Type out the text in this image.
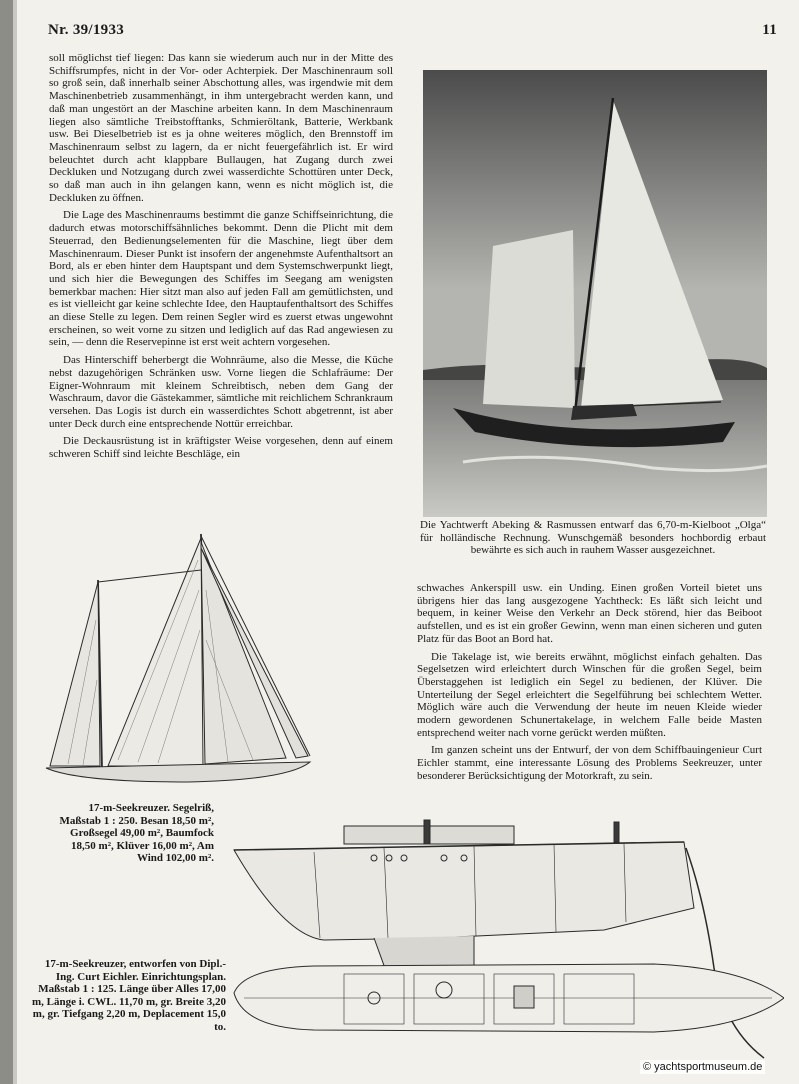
Nr. 39/1933	11

soll möglichst tief liegen: Das kann sie wiederum auch nur in der Mitte des Schiffsrumpfes, nicht in der Vor- oder Achterpiek. Der Maschinenraum soll so groß sein, daß innerhalb seiner Abschottung alles, was irgendwie mit dem Maschinenbetrieb zusammenhängt, in ihm untergebracht werden kann, und daß man ungestört an der Maschine arbeiten kann. In dem Maschinenraum liegen also sämtliche Treibstofftanks, Schmieröltank, Batterie, Werkbank usw. Bei Dieselbetrieb ist es ja ohne weiteres möglich, den Brennstoff im Maschinenraum selbst zu lagern, da er nicht feuergefährlich ist. Er wird beleuchtet durch acht klappbare Bullaugen, hat Zugang durch zwei Deckluken und Notzugang durch zwei wasserdichte Schottüren unter Deck, so daß man auch in ihn gelangen kann, wenn es nicht möglich ist, die Deckluken zu öffnen.

Die Lage des Maschinenraums bestimmt die ganze Schiffseinrichtung, die dadurch etwas motorschiffsähnliches bekommt. Denn die Plicht mit dem Steuerrad, den Bedienungselementen für die Maschine, liegt über dem Maschinenraum. Dieser Punkt ist insofern der angenehmste Aufenthaltsort an Bord, als er eben hinter dem Hauptspant und dem Systemschwerpunkt liegt, und sich hier die Bewegungen des Schiffes im Seegang am wenigsten bemerkbar machen: Hier sitzt man also auf jeden Fall am gemütlichsten, und es ist vielleicht gar keine schlechte Idee, den Hauptaufenthaltsort des Schiffes an diese Stelle zu legen. Dem reinen Segler wird es zuerst etwas ungewohnt erscheinen, so weit vorne zu sitzen und lediglich auf das Rad angewiesen zu sein, — denn die Reservepinne ist erst weit achtern vorgesehen.

Das Hinterschiff beherbergt die Wohnräume, also die Messe, die Küche nebst dazugehörigen Schränken usw. Vorne liegen die Schlafräume: Der Eigner-Wohnraum mit kleinem Schreibtisch, neben dem Gang der Waschraum, davor die Gästekammer, sämtliche mit reichlichem Schrankraum versehen. Das Logis ist durch ein wasserdichtes Schott abgetrennt, ist aber unter Deck durch eine entsprechende Nottür erreichbar.

Die Deckausrüstung ist in kräftigster Weise vorgesehen, denn auf einem schweren Schiff sind leichte Beschläge, ein

Die Yachtwerft Abeking & Rasmussen entwarf das 6,70-m-Kielboot „Olga“ für holländische Rechnung. Wunschgemäß besonders hochbordig erbaut bewährte es sich auch in rauhem Wasser ausgezeichnet.
17-m-Seekreuzer. Segelriß, Maßstab 1 : 250. Besan 18,50 m², Großsegel 49,00 m², Baumfock 18,50 m², Klüver 16,00 m², Am Wind 102,00 m².

schwaches Ankerspill usw. ein Unding. Einen großen Vorteil bietet uns übrigens hier das lang ausgezogene Yachtheck: Es läßt sich leicht und bequem, in keiner Weise den Verkehr an Deck störend, hier das Beiboot aufstellen, und es ist ein großer Gewinn, wenn man einen sicheren und guten Platz für das Boot an Bord hat.

Die Takelage ist, wie bereits erwähnt, möglichst einfach gehalten. Das Segelsetzen wird erleichtert durch Winschen für die großen Segel, beim Überstaggehen ist lediglich ein Segel zu bedienen, der Klüver. Die Unterteilung der Segel erleichtert die Segelführung bei schlechtem Wetter. Möglich wäre auch die Verwendung der heute im neuen Kleide wieder modern gewordenen Schunertakelage, in welchem Falle beide Masten entsprechend weiter nach vorne gerückt werden müßten.

Im ganzen scheint uns der Entwurf, der von dem Schiffbauingenieur Curt Eichler stammt, eine interessante Lösung des Problems Seekreuzer, unter besonderer Berücksichtigung der Motorkraft, zu sein.

17-m-Seekreuzer, entworfen von Dipl.-Ing. Curt Eichler. Einrichtungsplan. Maßstab 1 : 125. Länge über Alles 17,00 m, Länge i. CWL. 11,70 m, gr. Breite 3,20 m, gr. Tiefgang 2,20 m, Deplacement 15,0 to.
© yachtsportmuseum.de
